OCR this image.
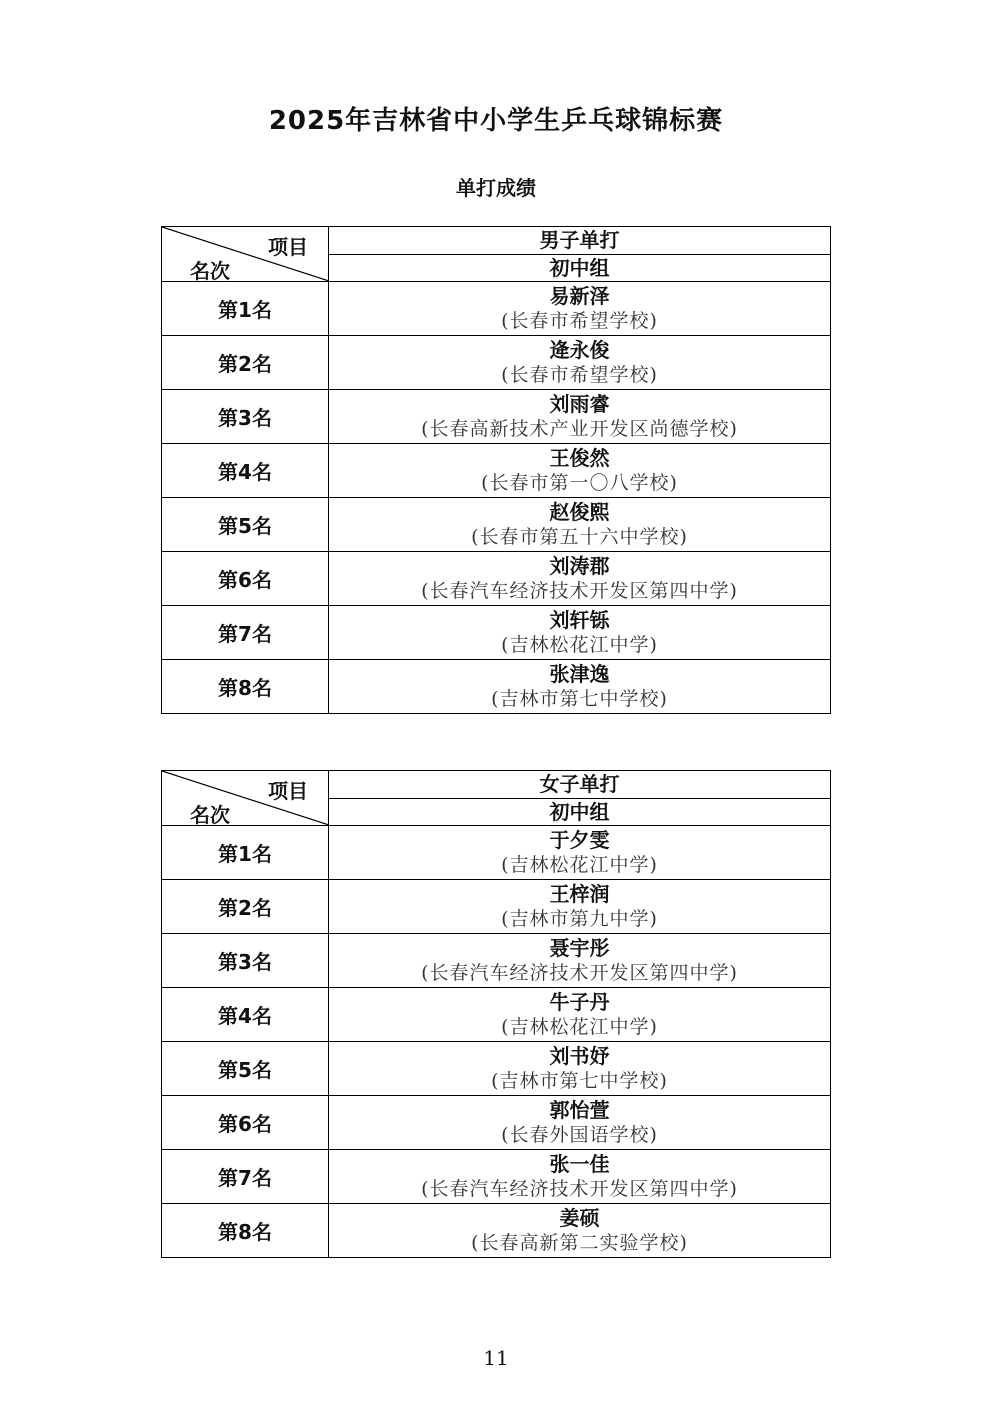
2025年吉林省中小学生乒乓球锦标赛
单打成绩
项目
名次	男子单打
	初中组
第1名	易新泽
(长春市希望学校)

第2名	逄永俊
(长春市希望学校)

第3名	刘雨睿
(长春高新技术产业开发区尚德学校)

第4名	王俊然
(长春市第一〇八学校)

第5名	赵俊熙
(长春市第五十六中学校)

第6名	刘涛郡
(长春汽车经济技术开发区第四中学)

第7名	刘轩铄
(吉林松花江中学)

第8名	张津逸
(吉林市第七中学校)
项目
名次	女子单打
	初中组
第1名	于夕雯
(吉林松花江中学)

第2名	王梓润
(吉林市第九中学)

第3名	聂宇彤
(长春汽车经济技术开发区第四中学)

第4名	牛子丹
(吉林松花江中学)

第5名	刘书妤
(吉林市第七中学校)

第6名	郭怡萱
(长春外国语学校)

第7名	张一佳
(长春汽车经济技术开发区第四中学)

第8名	姜硕
(长春高新第二实验学校)
11
